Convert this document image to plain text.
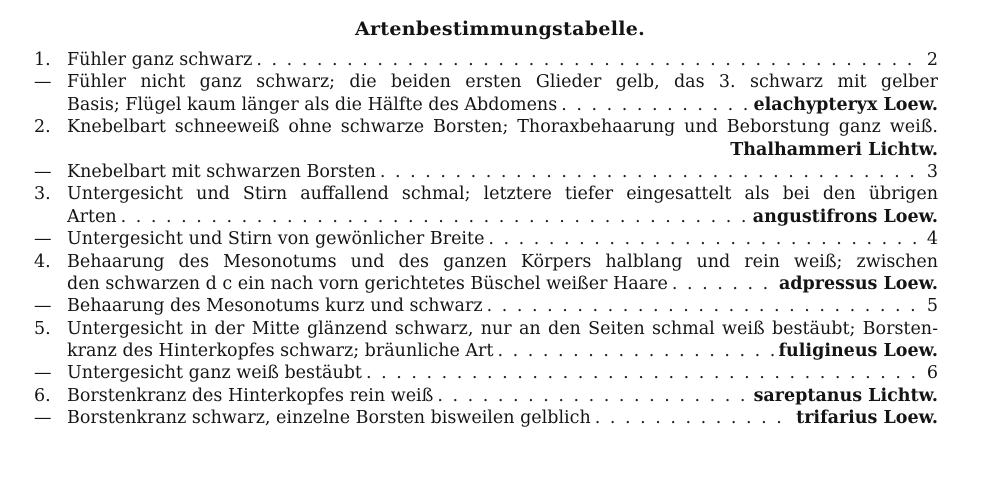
Artenbestimmungstabelle.
1. Fühler ganz schwarz . . .	2
— Fühler nicht ganz schwarz; die beiden ersten Glieder gelb, das 3. schwarz mit gelber
Basis; Flügel kaum länger als die Hälfte des Abdomens . . .	elachypteryx Loew.
2. Knebelbart schneeweiß ohne schwarze Borsten; Thoraxbehaarung und Beborstung ganz weiß.
Thalhammeri Lichtw.
— Knebelbart mit schwarzen Borsten . . .	3
3. Untergesicht und Stirn auffallend schmal; letztere tiefer eingesattelt als bei den übrigen
Arten . . .	angustifrons Loew.
— Untergesicht und Stirn von gewönlicher Breite . . .	4
4. Behaarung des Mesonotums und des ganzen Körpers halblang und rein weiß; zwischen
den schwarzen d c ein nach vorn gerichtetes Büschel weißer Haare . . .	adpressus Loew.
— Behaarung des Mesonotums kurz und schwarz . . .	5
5. Untergesicht in der Mitte glänzend schwarz, nur an den Seiten schmal weiß bestäubt; Borsten-
kranz des Hinterkopfes schwarz; bräunliche Art . . .	fuligineus Loew.
— Untergesicht ganz weiß bestäubt . . .	6
6. Borstenkranz des Hinterkopfes rein weiß . . .	sareptanus Lichtw.
— Borstenkranz schwarz, einzelne Borsten bisweilen gelblich . . .	trifarius Loew.
